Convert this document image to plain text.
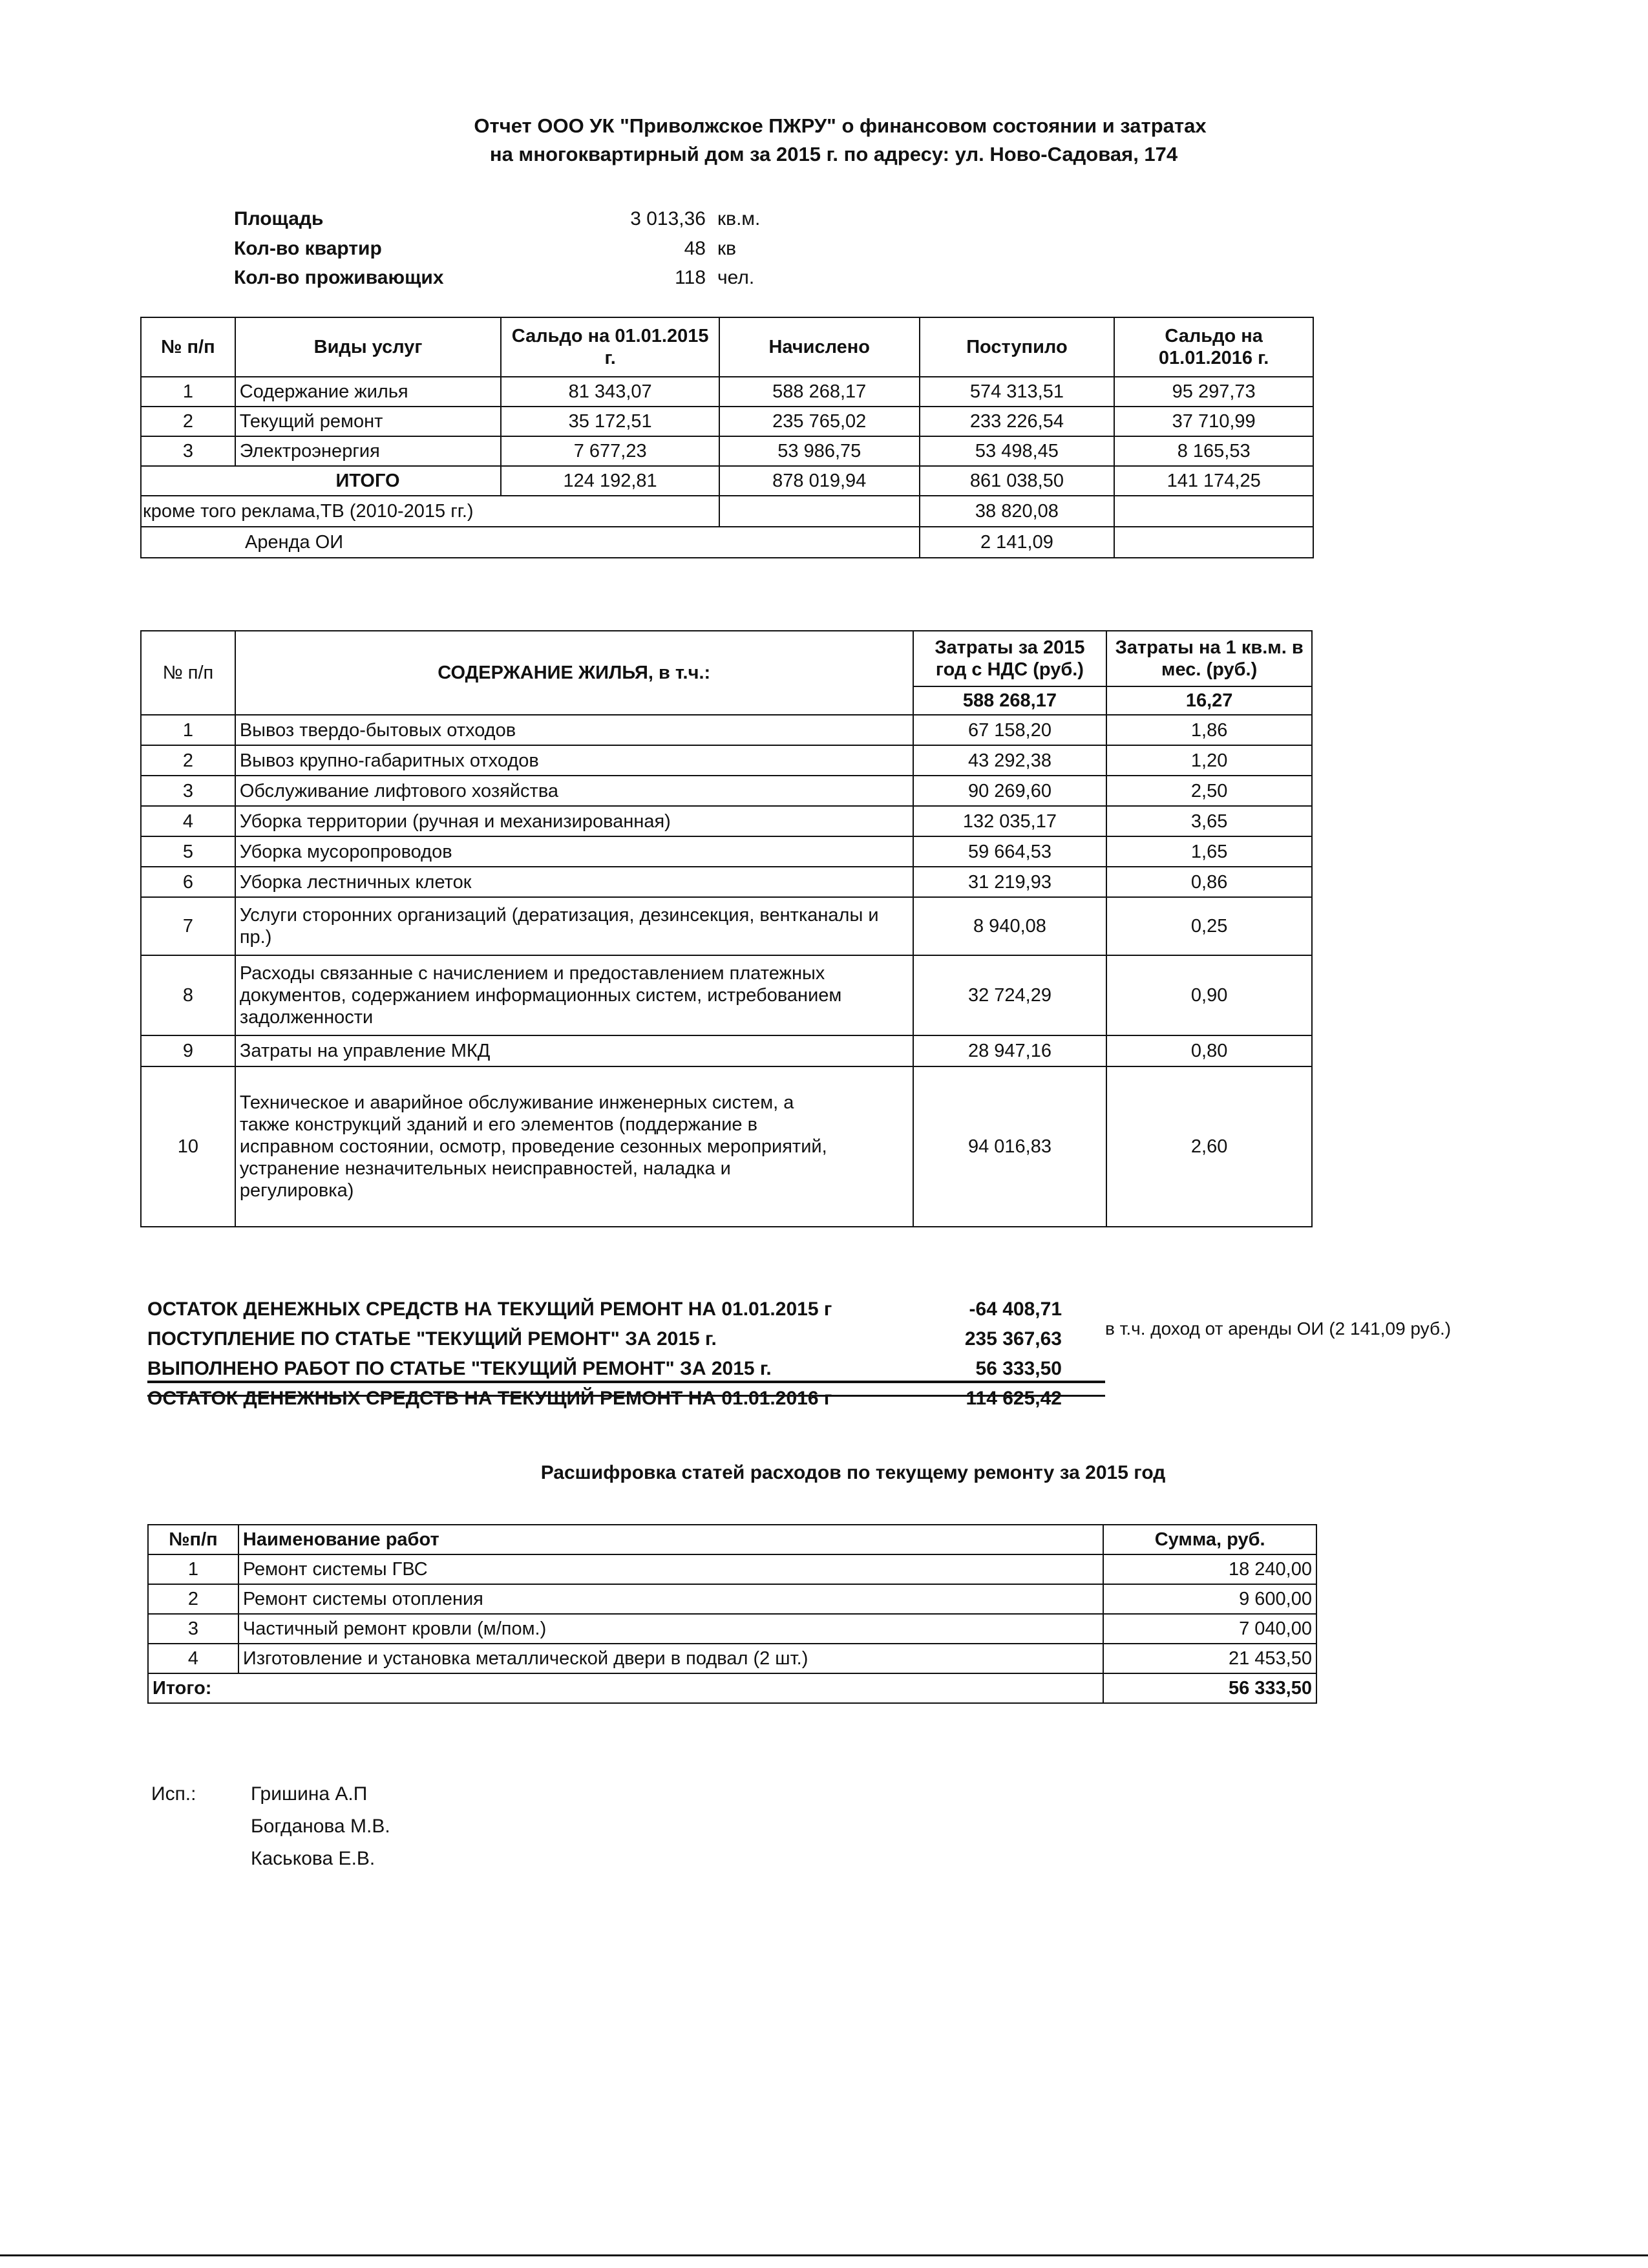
Отчет ООО УК "Приволжское ПЖРУ" о финансовом состоянии и затратах
на многоквартирный дом за 2015 г. по адресу: ул. Ново-Садовая, 174
Площадь	3 013,36 кв.м.
Кол-во квартир	48 кв
Кол-во проживающих	118 чел.
№ п/п	Виды услуг	Сальдо на 01.01.2015 г.	Начислено	Поступило	Сальдо на 01.01.2016 г.
1	Содержание жилья	81 343,07	588 268,17	574 313,51	95 297,73
2	Текущий ремонт	35 172,51	235 765,02	233 226,54	37 710,99
3	Электроэнергия	7 677,23	53 986,75	53 498,45	8 165,53
	ИТОГО	124 192,81	878 019,94	861 038,50	141 174,25
кроме того реклама,ТВ (2010-2015 гг.)				38 820,08	
Аренда ОИ				2 141,09	
№ п/п	СОДЕРЖАНИЕ ЖИЛЬЯ, в т.ч.:	Затраты за 2015 год с НДС (руб.)	Затраты на 1 кв.м. в мес. (руб.)
		588 268,17	16,27
1	Вывоз твердо-бытовых отходов	67 158,20	1,86
2	Вывоз крупно-габаритных отходов	43 292,38	1,20
3	Обслуживание лифтового хозяйства	90 269,60	2,50
4	Уборка территории (ручная и механизированная)	132 035,17	3,65
5	Уборка мусоропроводов	59 664,53	1,65
6	Уборка лестничных клеток	31 219,93	0,86
7	Услуги сторонних организаций (дератизация, дезинсекция, вентканалы и пр.)	8 940,08	0,25
8	Расходы связанные с начислением и предоставлением платежных документов, содержанием информационных систем, истребованием задолженности	32 724,29	0,90
9	Затраты на управление МКД	28 947,16	0,80
10	Техническое и аварийное обслуживание инженерных систем, а также конструкций зданий и его элементов (поддержание в исправном состоянии, осмотр, проведение сезонных мероприятий, устранение незначительных неисправностей, наладка и регулировка)	94 016,83	2,60
ОСТАТОК ДЕНЕЖНЫХ СРЕДСТВ НА ТЕКУЩИЙ РЕМОНТ НА 01.01.2015 г	-64 408,71
ПОСТУПЛЕНИЕ ПО СТАТЬЕ "ТЕКУЩИЙ РЕМОНТ" ЗА 2015 г.	235 367,63
ВЫПОЛНЕНО РАБОТ ПО СТАТЬЕ "ТЕКУЩИЙ РЕМОНТ" ЗА 2015 г.	56 333,50
ОСТАТОК ДЕНЕЖНЫХ СРЕДСТВ НА ТЕКУЩИЙ РЕМОНТ НА 01.01.2016 г	114 625,42
в т.ч. доход от аренды ОИ (2 141,09 руб.)
Расшифровка статей расходов по текущему ремонту за 2015 год
№п/п	Наименование работ	Сумма, руб.
1	Ремонт системы ГВС	18 240,00
2	Ремонт системы отопления	9 600,00
3	Частичный ремонт кровли (м/пом.)	7 040,00
4	Изготовление и установка металлической двери в подвал (2 шт.)	21 453,50
Итого:		56 333,50
Исп.:	Гришина А.П
Богданова М.В.
Каськова Е.В.
